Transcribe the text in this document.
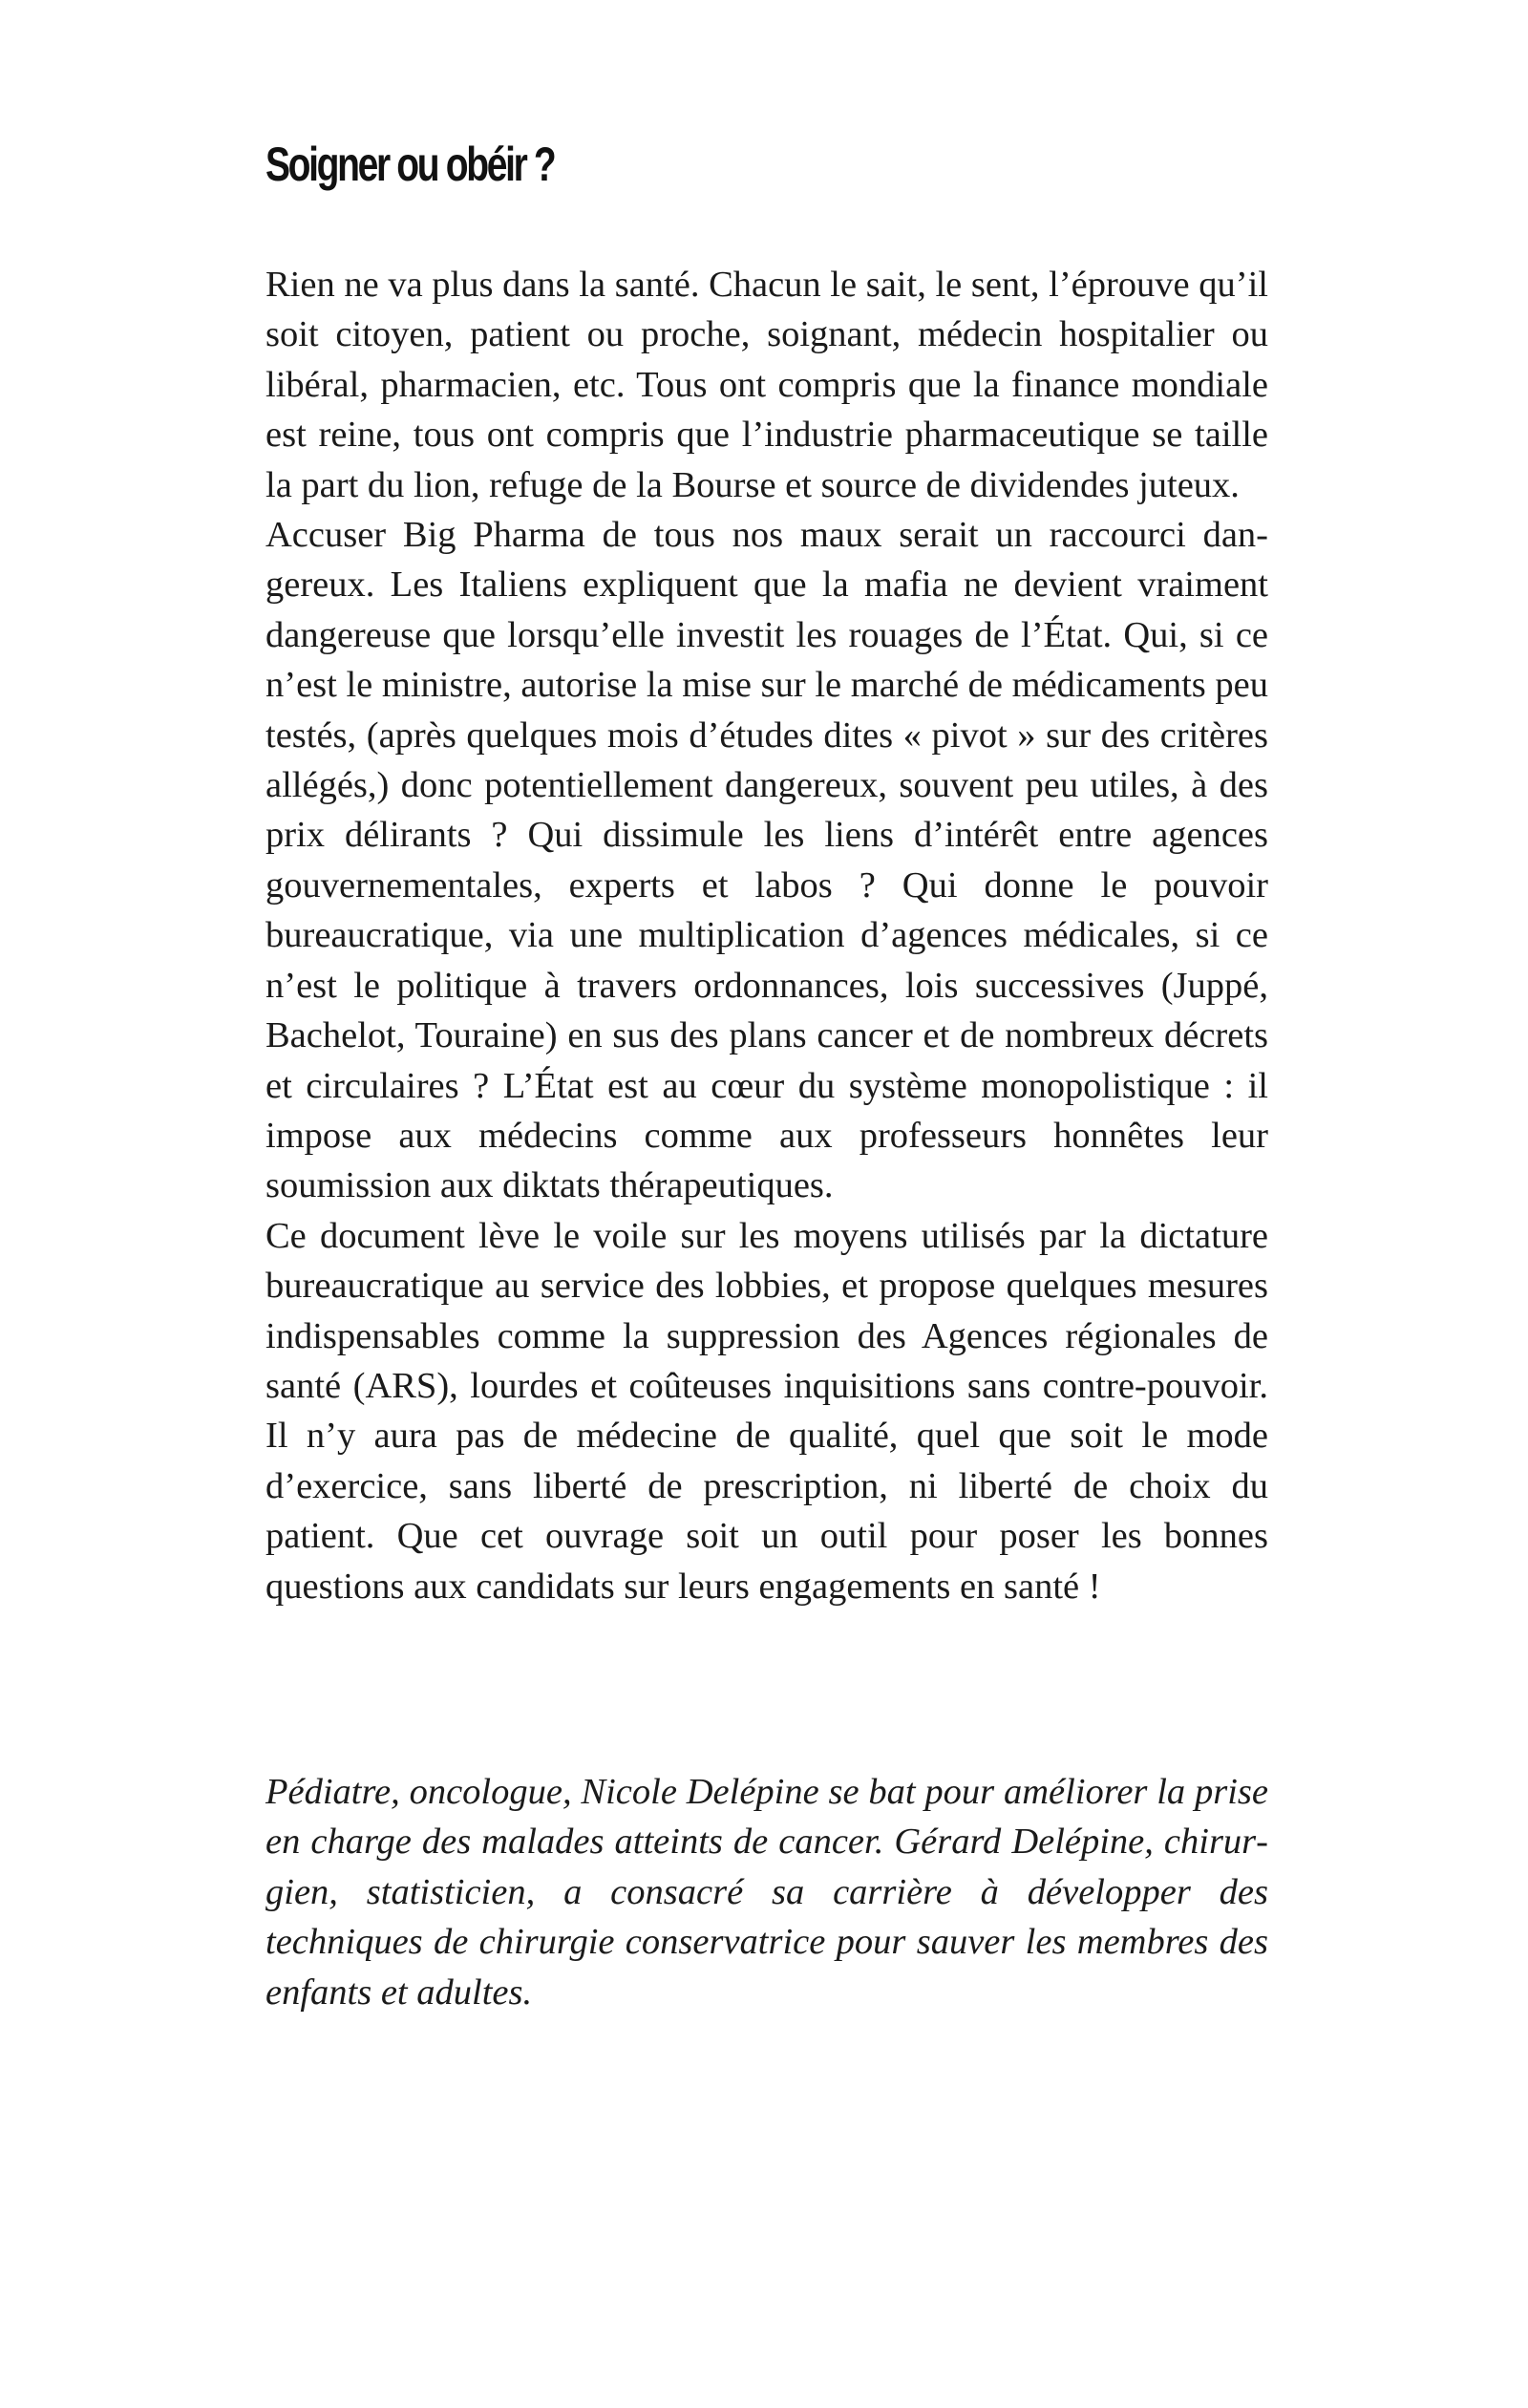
Soigner ou obéir ?

Rien ne va plus dans la santé. Chacun le sait, le sent, l’éprouve qu’il soit citoyen, patient ou proche, soignant, médecin hospitalier ou libéral, pharmacien, etc. Tous ont compris que la finance mondiale est reine, tous ont compris que l’industrie pharmaceutique se taille la part du lion, refuge de la Bourse et source de dividendes juteux.

Accuser Big Pharma de tous nos maux serait un raccourci dangereux. Les Italiens expliquent que la mafia ne devient vraiment dangereuse que lorsqu’elle investit les rouages de l’État. Qui, si ce n’est le ministre, autorise la mise sur le marché de médicaments peu testés, (après quelques mois d’études dites « pivot » sur des critères allégés,) donc potentiellement dangereux, souvent peu utiles, à des prix délirants ? Qui dissimule les liens d’intérêt entre agences gouvernementales, experts et labos ? Qui donne le pouvoir bureaucratique, via une multiplication d’agences médicales, si ce n’est le politique à travers ordonnances, lois successives (Juppé, Bachelot, Touraine) en sus des plans cancer et de nombreux décrets et circulaires ? L’État est au cœur du système monopolistique : il impose aux médecins comme aux professeurs honnêtes leur soumission aux diktats thérapeutiques.

Ce document lève le voile sur les moyens utilisés par la dictature bureaucratique au service des lobbies, et propose quelques mesures indispensables comme la suppression des Agences régionales de santé (ARS), lourdes et coûteuses inquisitions sans contre-pouvoir. Il n’y aura pas de médecine de qualité, quel que soit le mode d’exercice, sans liberté de prescription, ni liberté de choix du patient. Que cet ouvrage soit un outil pour poser les bonnes questions aux candidats sur leurs engagements en santé !

Pédiatre, oncologue, Nicole Delépine se bat pour améliorer la prise en charge des malades atteints de cancer. Gérard Delépine, chirurgien, statisticien, a consacré sa carrière à développer des techniques de chirurgie conservatrice pour sauver les membres des enfants et adultes.
